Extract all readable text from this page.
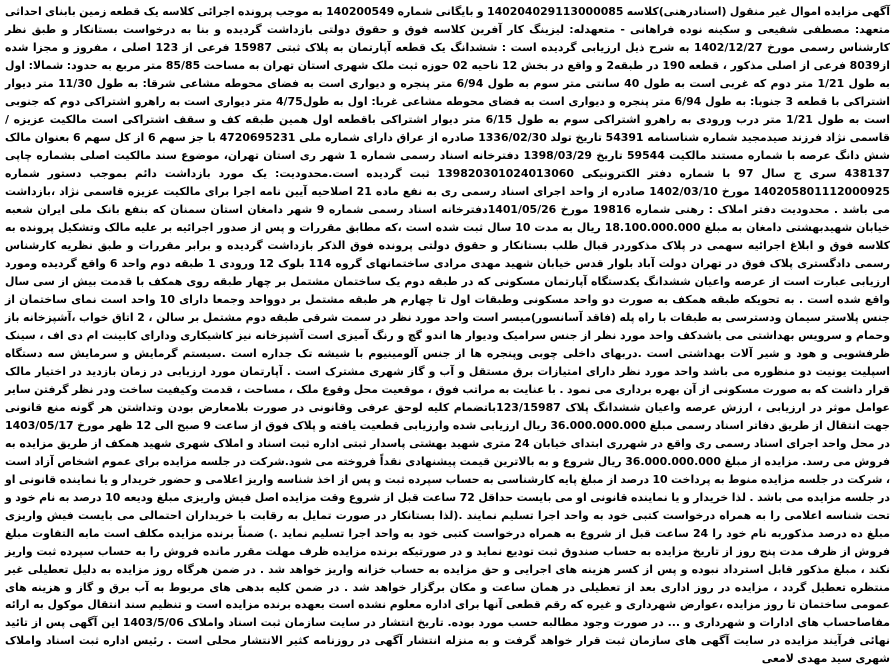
آگهی مزایده اموال غیر منقول (اسنادرهنی)کلاسه 14020402911300008‎5 و بایگانی شماره 140200549 به موجب پرونده اجرائی کلاسه یک قطعه زمین بابنای احداثی متعهد: مصطفی شفیعی و سکینه نوده فراهانی - متعهدله: لیزینگ کار آفرین کلاسه فوق و حقوق دولتی بازداشت گردیده و بنا به درخواست بستانکار و طبق نظر کارشناس رسمی مورخ 1402/12/27 به شرح ذیل ارزیابی گردیده است : ششدانگ یک قطعه آپارتمان به پلاک ثبتی 15987 فرعی از 123 اصلی ، مفروز و مجزا شده از8039 فرعی از اصلی مذکور ، قطعه 190 در طبقه2 و واقع در بخش 12 ناحیه 02 حوزه ثبت ملک شهری استان تهران به مساحت 85/85 متر مربع به حدود: شمالا: اول به طول 1/21 متر دوم که غربی است به طول 40 سانتی متر سوم به طول 6/94 متر پنجره و دیواری است به فضای محوطه مشاعی شرقا: به طول 11/30 متر دیوار اشتراکی با قطعه 3 جنوبا: به طول 6/94 متر پنجره و دیواری است به فضای محوطه مشاعی غربا: اول به طول4/75 متر دیواری است به راهرو اشتراکی دوم که جنوبی است به طول 1/21 متر درب ورودی به راهرو اشتراکی سوم به طول 6/15 متر دیوار اشتراکی باقطعه اول همین طبقه کف و سقف اشتراکی است مالکیت عزیزه / قاسمی نژاد فرزند صیدمجید شماره شناسنامه 54391 تاریخ تولد 1336/02/30 صادره از عراق دارای شماره ملی 4720695231 با جز سهم 6 از کل سهم 6 بعنوان مالک شش دانگ عرصه با شماره مستند مالکیت 59544 تاریخ 1398/03/29 دفترخانه اسناد رسمی شماره 1 شهر ری استان تهران، موضوع سند مالکیت اصلی بشماره چاپی 438137 سری ج سال 97 با شماره دفتر الکترونیکی 139820301024013060 ثبت گردیده است.محدودیت: یک مورد بازداشت دائم بموجب دستور شماره 140205801112000925 مورخ 1402/03/10 صادره از واحد اجرای اسناد رسمی ری به نفع ماده 21 اصلاحیه آیین نامه اجرا برای مالکیت عزیزه قاسمی نژاد ،بازداشت می باشد . محدودیت دفتر املاک : رهنی شماره 19816 مورخ 1401/05/26دفترخانه اسناد رسمی شماره 9 شهر دامغان استان سمنان که بنفع بانک ملی ایران شعبه خیابان شهیدبهشتی دامغان به مبلغ 18.100.000.000 ریال به مدت 10 سال ثبت شده است ،که مطابق مقررات و پس از صدور اجرائیه بر علیه مالک وتشکیل پرونده به کلاسه فوق و ابلاغ اجرائیه سهمی در پلاک مذکوردر قبال طلب بستانکار و حقوق دولتی پرونده فوق الذکر بازداشت گردیده و برابر مقررات و طبق نظریه کارشناس رسمی دادگستری پلاک فوق در تهران دولت آباد بلوار قدس خیابان شهید مهدی مرادی ساختمانهای گروه 114 بلوک 12 ورودی 1 طبقه دوم واحد 6 واقع گردیده ومورد ارزیابی عبارت است از عرصه واعیان ششدانگ یکدستگاه آپارتمان مسکونی که در طبقه دوم یک ساختمان مشتمل بر چهار طبقه روی همکف با قدمت بیش از سی سال واقع شده است . به تحویکه طبقه همکف به صورت دو واحد مسکونی وطبقات اول تا چهارم هر طبقه مشتمل بر دوواحد وجمعا دارای 10 واحد است نمای ساختمان از جنس پلاستر سیمان ودسترسی به طبقات با راه پله (فاقد آسانسور)میسر است واحد مورد نظر در سمت شرقی طبقه دوم مشتمل بر سالن ، 2 اتاق خواب ،آشپزخانه باز وحمام و سرویس بهداشتی می باشدکف واحد مورد نظر از جنس سرامیک ودیوار ها اندو گچ و رنگ آمیزی است آشپزخانه نیز کاشیکاری ودارای کابینت ام دی اف ، سینک ظرفشویی و هود و شیر آلات بهداشتی است .دربهای داخلی چوبی وپنجره ها از جنس آلومینیوم با شیشه تک جداره است .سیستم گرمایش و سرمایش سه دستگاه اسپلیت یونیت دو منظوره می باشد واحد مورد نظر دارای امتیازات برق مستقل و آب و گاز شهری مشترک است . آپارتمان مورد ارزیابی در زمان بازدید در اختیار مالک قرار داشت که به صورت مسکونی از آن بهره برداری می نمود . با عنایت به مراتب فوق ، موقعیت محل وقوع ملک ، مساحت ، قدمت وکیفیت ساخت ودر نظر گرفتن سایر عوامل موثر در ارزیابی ، ارزش عرصه واعیان ششدانگ پلاک 123/15987باتضمام کلیه لوحق عرفی وقانونی در صورت بلامعارض بودن وتداشتن هر گونه منع قانونی جهت انتقال از طریق دفاتر اسناد رسمی مبلغ 36.000.000.000 ریال ارزیابی شده وارزیابی قطعیت یافته و پلاک فوق از ساعت 9 صبح الی 12 ظهر مورخ 1403/05/17 در محل واحد اجرای اسناد رسمی ری واقع در شهرری ابتدای خیابان 24 متری شهید بهشتی پاسدار ثبتی اداره ثبت اسناد و املاک شهری شهید همکف از طریق مزایده به فروش می رسد. مزایده از مبلغ 36.000.000.000 ریال شروع و به بالاترین قیمت پیشنهادی نقداً فروخته می شود.شرکت در جلسه مزایده برای عموم اشخاص آزاد است ، شرکت در جلسه مزایده منوط به پرداخت 10 درصد از مبلغ پایه کارشناسی به حساب سپرده ثبت و پس از اخذ شناسه واریز اعلامی و حضور خریدار و یا نماینده قانونی او در جلسه مزایده می باشد . لذا خریدار و یا نماینده قانونی او می بایست حداقل 72 ساعت قبل از شروع وقت مزایده اصل فیش واریزی مبلغ ودیعه 10 درصد به نام خود و تحت شناسه اعلامی را به همراه درخواست کتبی خود به واحد اجرا تسلیم نمایند .(لذا بستانکار در صورت تمایل به رقابت با خریداران احتمالی می بایست فیش واریزی مبلغ ده درصد مذکوربه نام خود را 24 ساعت قبل از شروع به همراه درخواست کتبی خود به واحد اجرا تسلیم نماید .) ضمناً برنده مزایده مکلف است مابه التفاوت مبلغ فروش از ظرف مدت پنج روز از تاریخ مزایده به حساب صندوق ثبت تودیع نماید و در صورتیکه برنده مزایده ظرف مهلت مقرر مانده فروش را به حساب سپرده ثبت واریز نکند ، مبلغ مذکور قابل استرداد نبوده و پس از کسر هزینه های اجرایی و حق مزایده به حساب خزانه واریز خواهد شد . در ضمن هرگاه روز مزایده به دلیل تعطیلی غیر منتظره تعطیل گردد ، مزایده در روز اداری بعد از تعطیلی در همان ساعت و مکان برگزار خواهد شد . در ضمن کلیه بدهی های مربوط به آب برق و گاز و هزینه های عمومی ساختمان تا روز مزایده ،عوارض شهرداری و غیره که رقم قطعی آنها برای اداره معلوم نشده است بعهده برنده مزایده است و تنظیم سند انتقال موکول به ارائه مفاصاحساب های ادارات و شهرداری و ... در صورت وجود مطالبه حسب مورد بوده. تاریخ انتشار در سایت سازمان ثبت اسناد واملاک 1403/5/06 این آگهی پس از تائید نهائی فرآیند مزایده در سایت آگهی های سازمان ثبت قرار خواهد گرفت و به منزله انتشار آگهی در روزنامه کثیر الانتشار محلی است . رئیس اداره ثبت اسناد واملاک شهری سید مهدی لامعی
